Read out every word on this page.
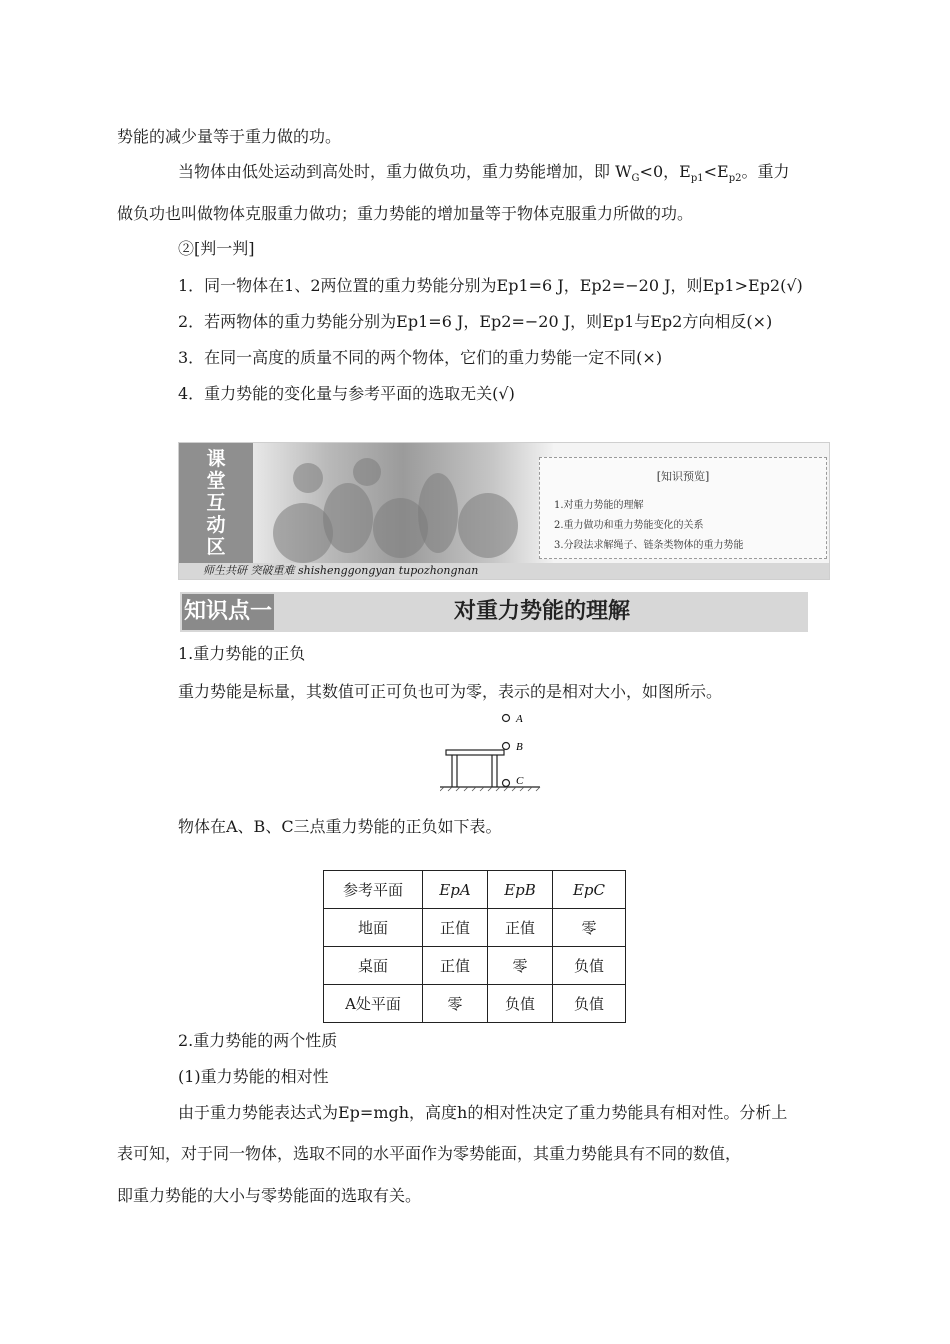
势能的减少量等于重力做的功。
当物体由低处运动到高处时，重力做负功，重力势能增加，即 $W_G<0$，$E_{p1}<E_{p2}$。重力
做负功也叫做物体克服重力做功；重力势能的增加量等于物体克服重力所做的功。
②[判一判]
1．同一物体在1、2两位置的重力势能分别为Ep1=6 J，Ep2=−20 J，则Ep1>Ep2(√)
2．若两物体的重力势能分别为Ep1=6 J，Ep2=−20 J，则Ep1与Ep2方向相反(×)
3．在同一高度的质量不同的两个物体，它们的重力势能一定不同(×)
4．重力势能的变化量与参考平面的选取无关(√)
课
堂
互
动
区
师生共研 突破重难 shishenggongyan tupozhongnan
[知识预览]
1.对重力势能的理解
2.重力做功和重力势能变化的关系
3.分段法求解绳子、链条类物体的重力势能
知识点一	对重力势能的理解
1.重力势能的正负
重力势能是标量，其数值可正可负也可为零，表示的是相对大小，如图所示。
A
B
C
物体在A、B、C三点重力势能的正负如下表。
参考平面	EpA	EpB	EpC
地面	正值	正值	零
桌面	正值	零	负值
A处平面	零	负值	负值
2.重力势能的两个性质
(1)重力势能的相对性
由于重力势能表达式为Ep=mgh，高度h的相对性决定了重力势能具有相对性。分析上
表可知，对于同一物体，选取不同的水平面作为零势能面，其重力势能具有不同的数值，
即重力势能的大小与零势能面的选取有关。
